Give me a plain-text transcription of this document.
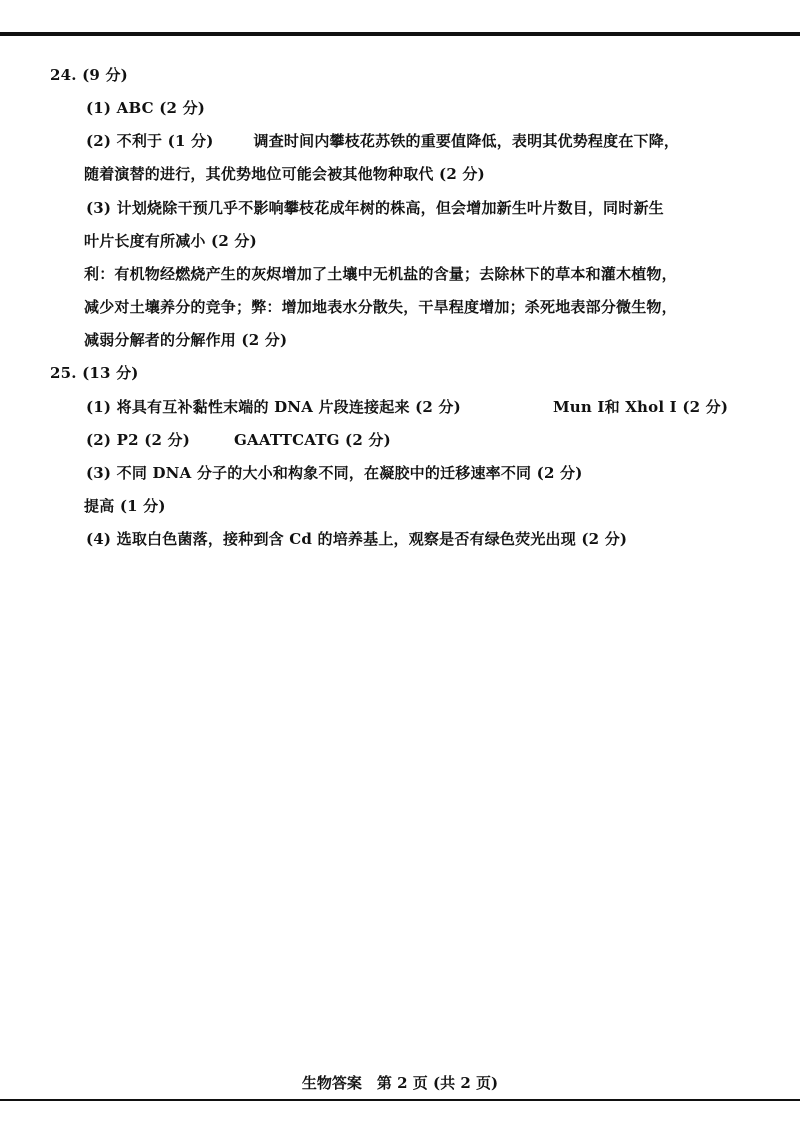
24. (9 分)
(1) ABC (2 分)
(2) 不利于 (1 分)	调查时间内攀枝花苏铁的重要值降低，表明其优势程度在下降，
随着演替的进行，其优势地位可能会被其他物种取代 (2 分)
(3) 计划烧除干预几乎不影响攀枝花成年树的株高，但会增加新生叶片数目，同时新生
叶片长度有所减小 (2 分)
利：有机物经燃烧产生的灰烬增加了土壤中无机盐的含量；去除林下的草本和灌木植物，
减少对土壤养分的竞争；弊：增加地表水分散失，干旱程度增加；杀死地表部分微生物，
减弱分解者的分解作用 (2 分)
25. (13 分)
(1) 将具有互补黏性末端的 DNA 片段连接起来 (2 分)	Mun Ⅰ和 Xhol Ⅰ (2 分)
(2) P2 (2 分)	GAATTCATG (2 分)
(3) 不同 DNA 分子的大小和构象不同，在凝胶中的迁移速率不同 (2 分)
提高 (1 分)
(4) 选取白色菌落，接种到含 Cd 的培养基上，观察是否有绿色荧光出现 (2 分)
生物答案　第 2 页 (共 2 页)
